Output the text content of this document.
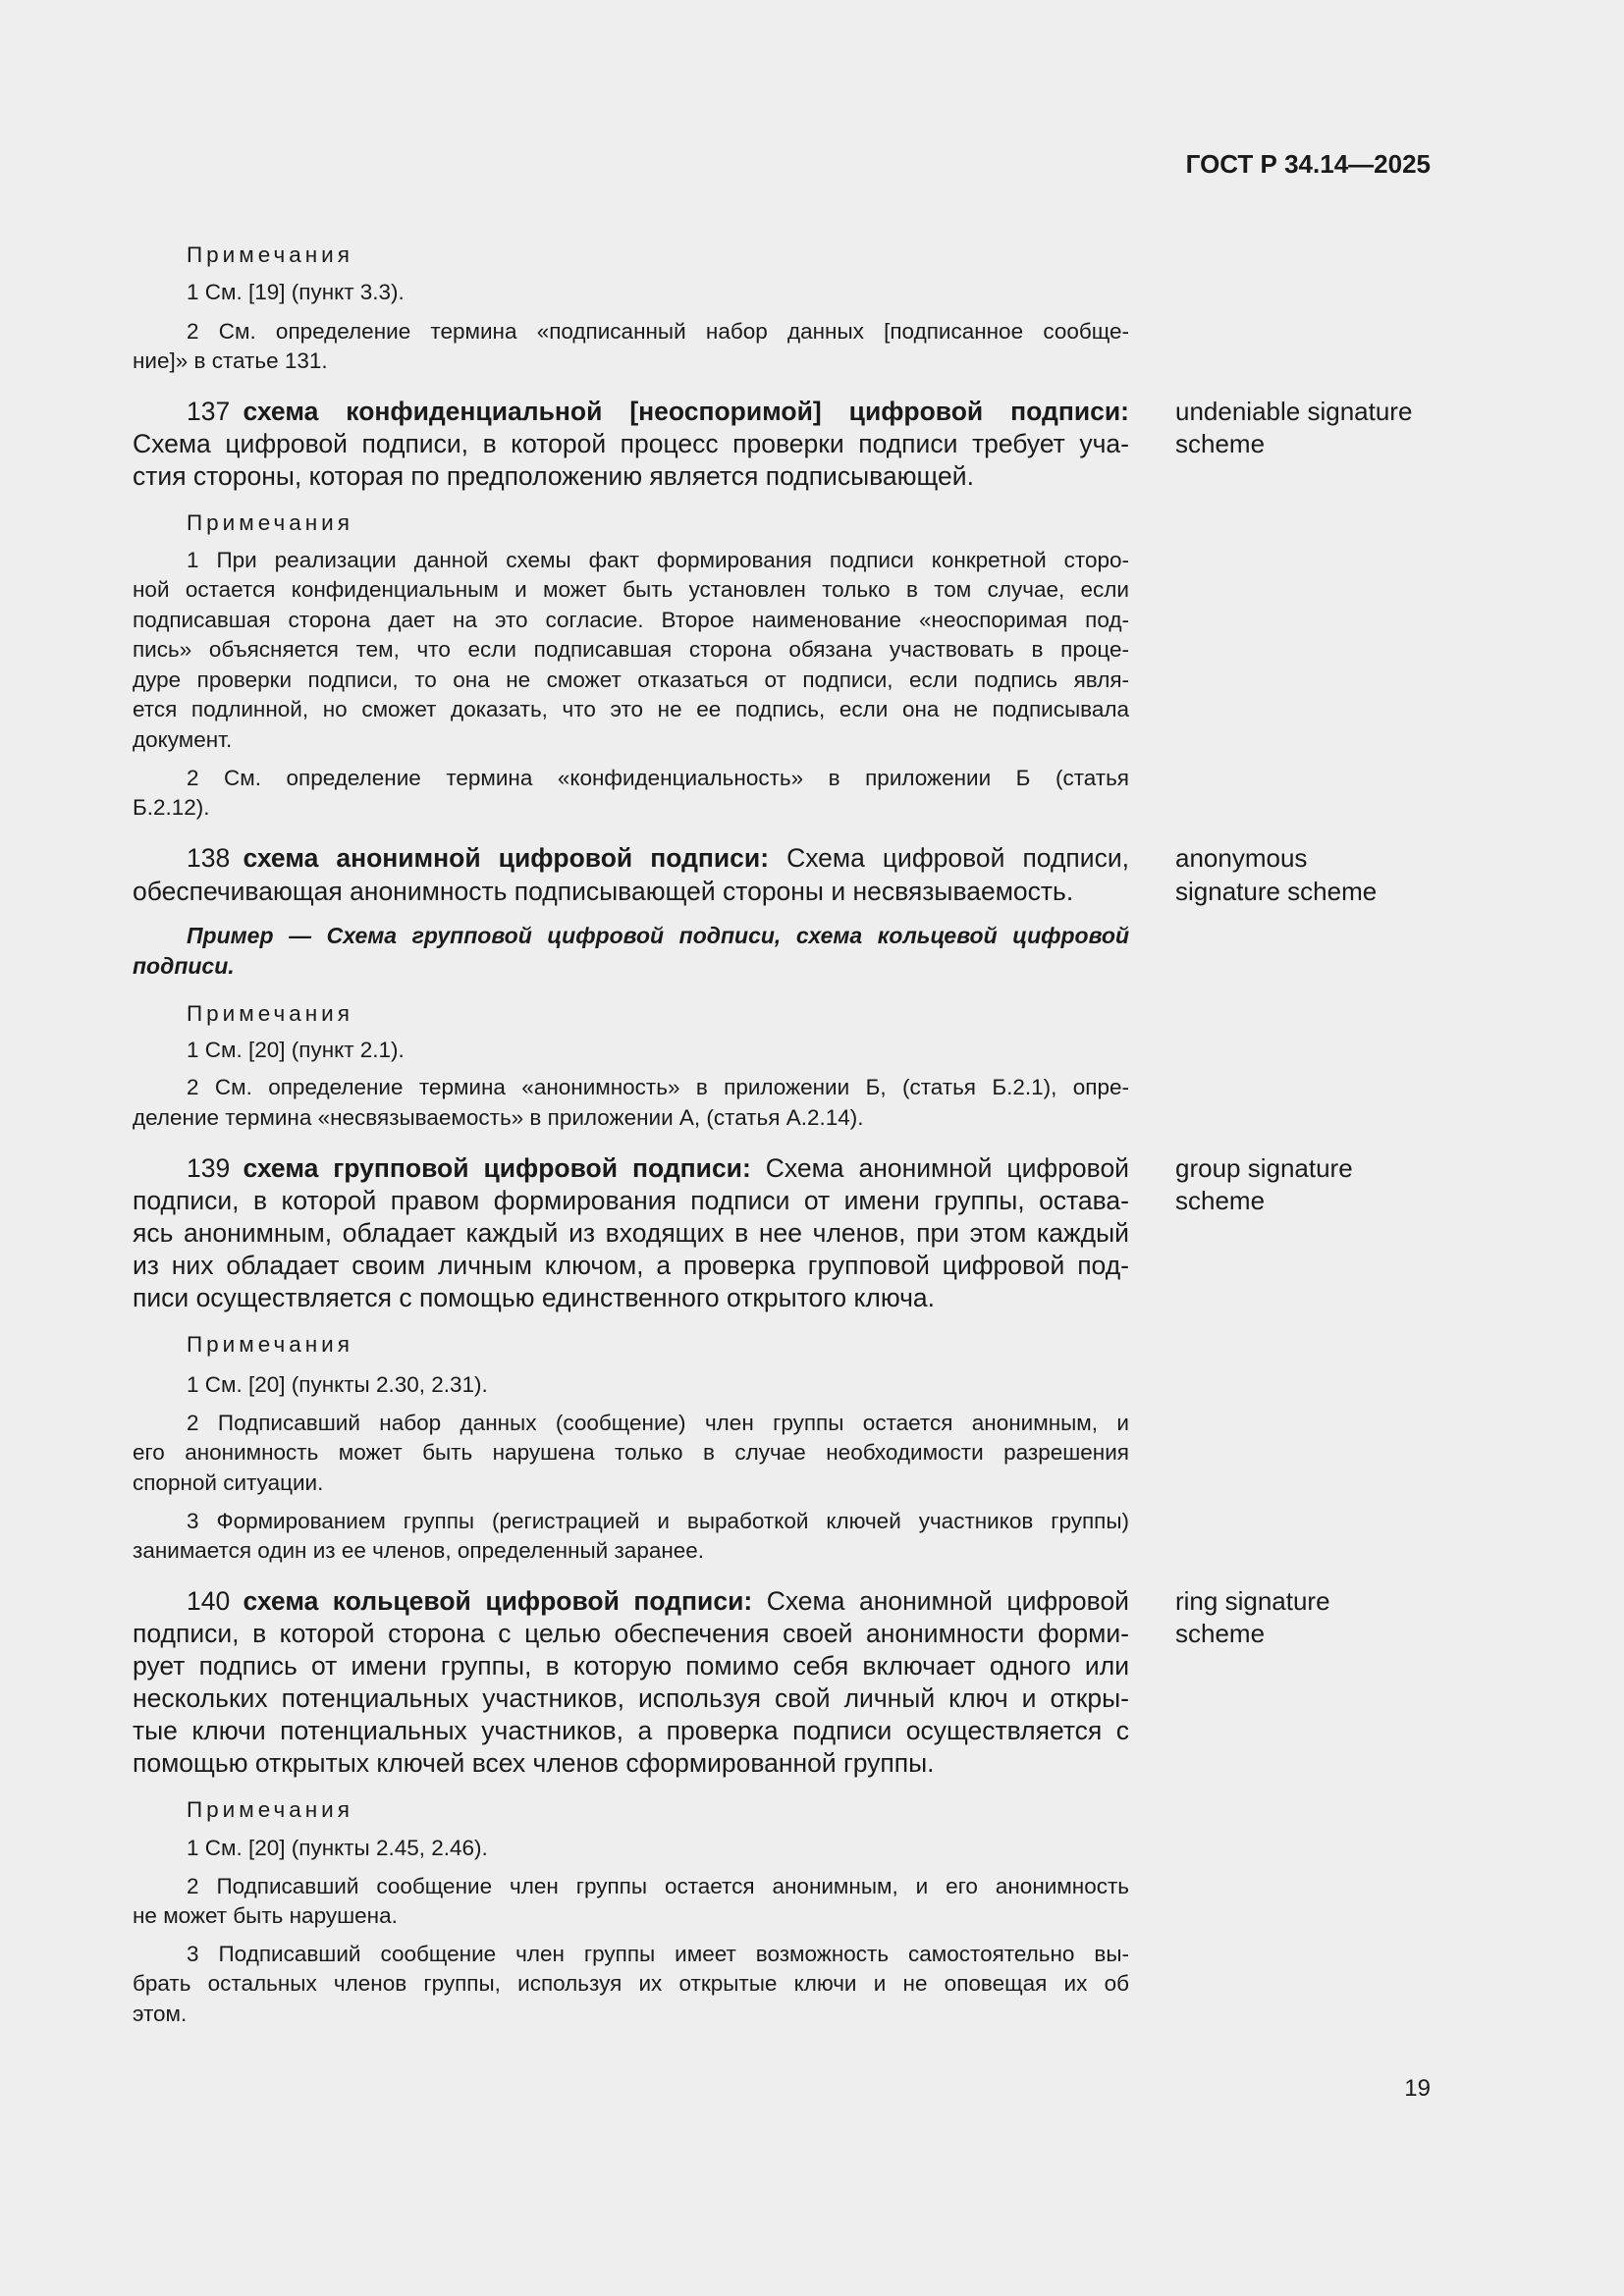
ГОСТ Р 34.14—2025
Примечания
1 См. [19] (пункт 3.3).
2 См. определение термина «подписанный набор данных [подписанное сообще-
ние]» в статье 131.
137  схема конфиденциальной [неоспоримой] цифровой подписи:
Схема цифровой подписи, в которой процесс проверки подписи требует уча-
стия стороны, которая по предположению является подписывающей.
Примечания
1 При реализации данной схемы факт формирования подписи конкретной сторо-
ной остается конфиденциальным и может быть установлен только в том случае, если
подписавшая сторона дает на это согласие. Второе наименование «неоспоримая под-
пись» объясняется тем, что если подписавшая сторона обязана участвовать в проце-
дуре проверки подписи, то она не сможет отказаться от подписи, если подпись явля-
ется подлинной, но сможет доказать, что это не ее подпись, если она не подписывала
документ.
2 См. определение термина «конфиденциальность» в приложении Б (статья
Б.2.12).
138  схема анонимной цифровой подписи: Схема цифровой подписи,
обеспечивающая анонимность подписывающей стороны и несвязываемость.
Пример — Схема групповой цифровой подписи, схема кольцевой цифровой
подписи.
Примечания
1 См. [20] (пункт 2.1).
2 См. определение термина «анонимность» в приложении Б, (статья Б.2.1), опре-
деление термина «несвязываемость» в приложении А, (статья А.2.14).
139  схема групповой цифровой подписи: Схема анонимной цифровой
подписи, в которой правом формирования подписи от имени группы, остава-
ясь анонимным, обладает каждый из входящих в нее членов, при этом каждый
из них обладает своим личным ключом, а проверка групповой цифровой под-
писи осуществляется с помощью единственного открытого ключа.
Примечания
1 См. [20] (пункты 2.30, 2.31).
2 Подписавший набор данных (сообщение) член группы остается анонимным, и
его анонимность может быть нарушена только в случае необходимости разрешения
спорной ситуации.
3 Формированием группы (регистрацией и выработкой ключей участников группы)
занимается один из ее членов, определенный заранее.
140  схема кольцевой цифровой подписи: Схема анонимной цифровой
подписи, в которой сторона с целью обеспечения своей анонимности форми-
рует подпись от имени группы, в которую помимо себя включает одного или
нескольких потенциальных участников, используя свой личный ключ и откры-
тые ключи потенциальных участников, а проверка подписи осуществляется с
помощью открытых ключей всех членов сформированной группы.
Примечания
1 См. [20] (пункты 2.45, 2.46).
2 Подписавший сообщение член группы остается анонимным, и его анонимность
не может быть нарушена.
3 Подписавший сообщение член группы имеет возможность самостоятельно вы-
брать остальных членов группы, используя их открытые ключи и не оповещая их об
этом.
undeniable signature
scheme
anonymous
signature scheme
group signature
scheme
ring signature
scheme
19
